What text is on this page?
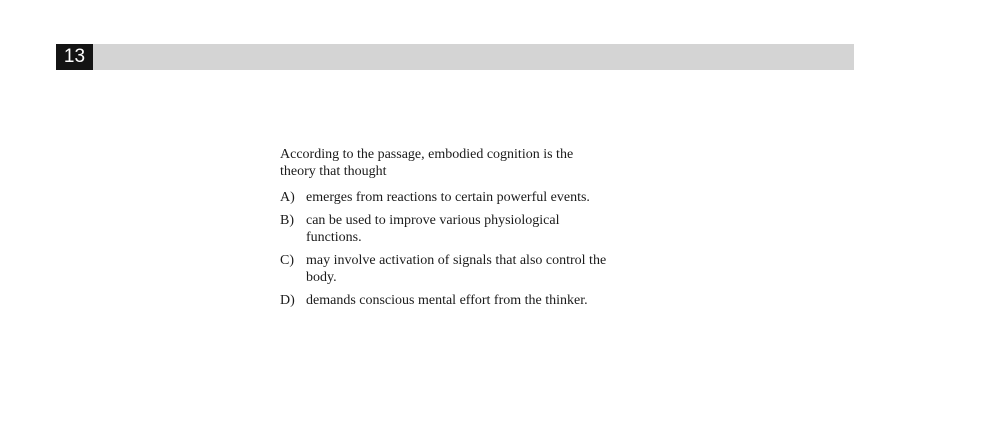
13

According to the passage, embodied cognition is the theory that thought

A) emerges from reactions to certain powerful events.
B) can be used to improve various physiological functions.
C) may involve activation of signals that also control the body.
D) demands conscious mental effort from the thinker.
